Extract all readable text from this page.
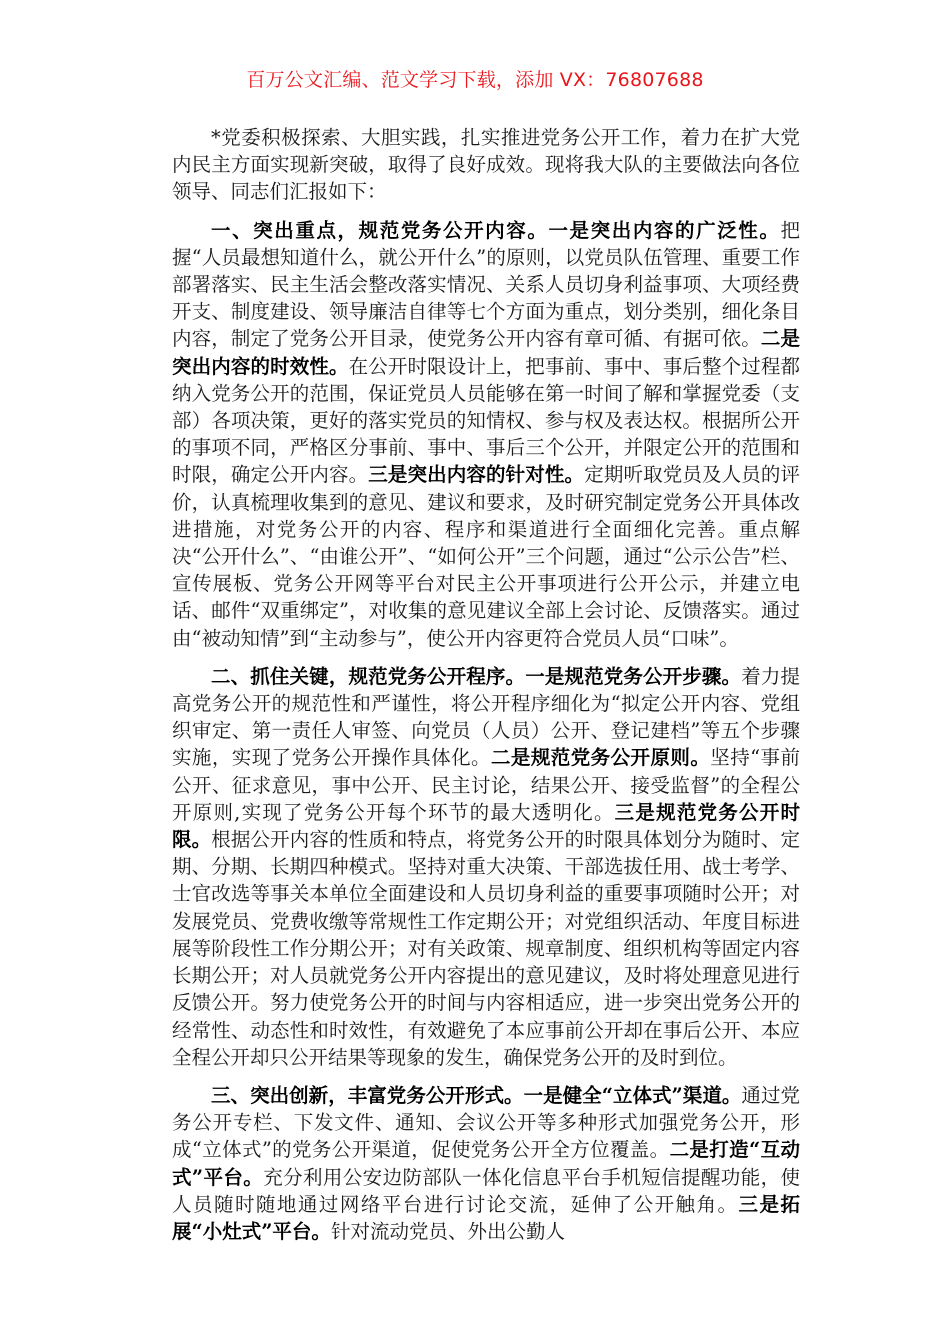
百万公文汇编、范文学习下载，添加 VX：76807688

*党委积极探索、大胆实践，扎实推进党务公开工作，着力在扩大党内民主方面实现新突破，取得了良好成效。现将我大队的主要做法向各位领导、同志们汇报如下：

一、突出重点，规范党务公开内容。一是突出内容的广泛性。把握“人员最想知道什么，就公开什么”的原则，以党员队伍管理、重要工作部署落实、民主生活会整改落实情况、关系人员切身利益事项、大项经费开支、制度建设、领导廉洁自律等七个方面为重点，划分类别，细化条目内容，制定了党务公开目录，使党务公开内容有章可循、有据可依。二是突出内容的时效性。在公开时限设计上，把事前、事中、事后整个过程都纳入党务公开的范围，保证党员人员能够在第一时间了解和掌握党委（支部）各项决策，更好的落实党员的知情权、参与权及表达权。根据所公开的事项不同，严格区分事前、事中、事后三个公开，并限定公开的范围和时限，确定公开内容。三是突出内容的针对性。定期听取党员及人员的评价，认真梳理收集到的意见、建议和要求，及时研究制定党务公开具体改进措施，对党务公开的内容、程序和渠道进行全面细化完善。重点解决“公开什么”、“由谁公开”、“如何公开”三个问题，通过“公示公告”栏、宣传展板、党务公开网等平台对民主公开事项进行公开公示，并建立电话、邮件“双重绑定”，对收集的意见建议全部上会讨论、反馈落实。通过由“被动知情”到“主动参与”，使公开内容更符合党员人员“口味”。

二、抓住关键，规范党务公开程序。一是规范党务公开步骤。着力提高党务公开的规范性和严谨性，将公开程序细化为“拟定公开内容、党组织审定、第一责任人审签、向党员（人员）公开、登记建档”等五个步骤实施，实现了党务公开操作具体化。二是规范党务公开原则。坚持“事前公开、征求意见，事中公开、民主讨论，结果公开、接受监督”的全程公开原则,实现了党务公开每个环节的最大透明化。三是规范党务公开时限。根据公开内容的性质和特点，将党务公开的时限具体划分为随时、定期、分期、长期四种模式。坚持对重大决策、干部选拔任用、战士考学、士官改选等事关本单位全面建设和人员切身利益的重要事项随时公开；对发展党员、党费收缴等常规性工作定期公开；对党组织活动、年度目标进展等阶段性工作分期公开；对有关政策、规章制度、组织机构等固定内容长期公开；对人员就党务公开内容提出的意见建议，及时将处理意见进行反馈公开。努力使党务公开的时间与内容相适应，进一步突出党务公开的经常性、动态性和时效性，有效避免了本应事前公开却在事后公开、本应全程公开却只公开结果等现象的发生，确保党务公开的及时到位。

三、突出创新，丰富党务公开形式。一是健全“立体式”渠道。通过党务公开专栏、下发文件、通知、会议公开等多种形式加强党务公开，形成“立体式”的党务公开渠道，促使党务公开全方位覆盖。二是打造“互动式”平台。充分利用公安边防部队一体化信息平台手机短信提醒功能，使人员随时随地通过网络平台进行讨论交流，延伸了公开触角。三是拓展“小灶式”平台。针对流动党员、外出公勤人
